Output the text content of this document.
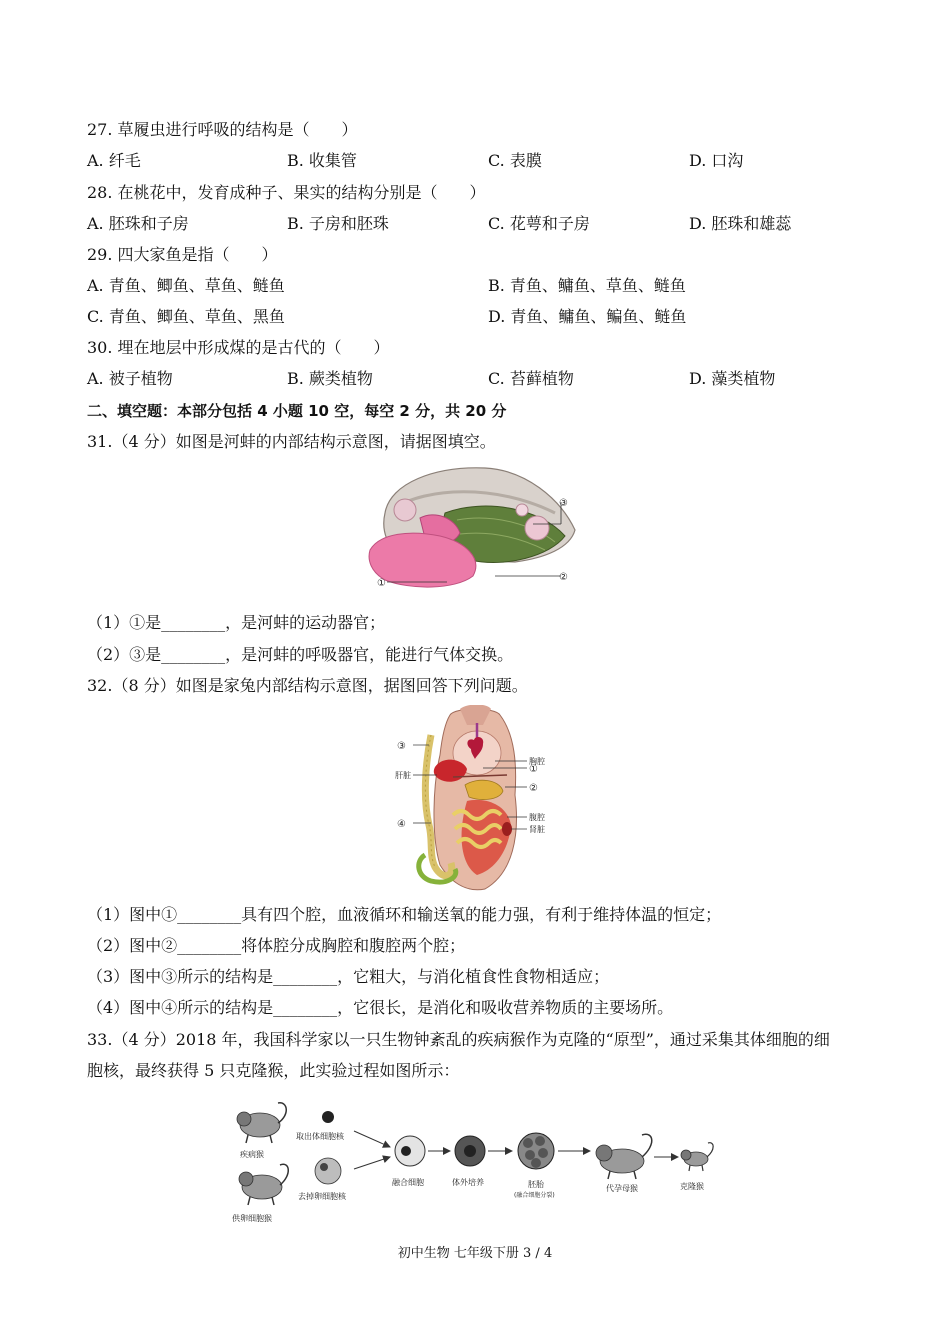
27. 草履虫进行呼吸的结构是（　　）
A. 纤毛	B. 收集管	C. 表膜	D. 口沟
28. 在桃花中，发育成种子、果实的结构分别是（　　）
A. 胚珠和子房	B. 子房和胚珠	C. 花萼和子房	D. 胚珠和雄蕊
29. 四大家鱼是指（　　）
A. 青鱼、鲫鱼、草鱼、鲢鱼	B. 青鱼、鳙鱼、草鱼、鲢鱼
C. 青鱼、鲫鱼、草鱼、黑鱼	D. 青鱼、鳙鱼、鳊鱼、鲢鱼
30. 埋在地层中形成煤的是古代的（　　）
A. 被子植物	B. 蕨类植物	C. 苔藓植物	D. 藻类植物
二、填空题：本部分包括 4 小题 10 空，每空 2 分，共 20 分
31.（4 分）如图是河蚌的内部结构示意图，请据图填空。
①
②
③
（1）①是________，是河蚌的运动器官；
（2）③是________，是河蚌的呼吸器官，能进行气体交换。
32.（8 分）如图是家兔内部结构示意图，据图回答下列问题。
③
肝脏
④
胸腔
①
②
腹腔
肾脏
（1）图中①________具有四个腔，血液循环和输送氧的能力强，有利于维持体温的恒定；
（2）图中②________将体腔分成胸腔和腹腔两个腔；
（3）图中③所示的结构是________，它粗大，与消化植食性食物相适应；
（4）图中④所示的结构是________，它很长，是消化和吸收营养物质的主要场所。
33.（4 分）2018 年，我国科学家以一只生物钟紊乱的疾病猴作为克隆的“原型”，通过采集其体细胞的细
胞核，最终获得 5 只克隆猴，此实验过程如图所示：
疾病猴
供卵细胞猴
取出体细胞核
去掉卵细胞核
融合细胞	体外培养	胚胎
(融合细胞分裂)
代孕母猴	克隆猴
初中生物 七年级下册 3 / 4
